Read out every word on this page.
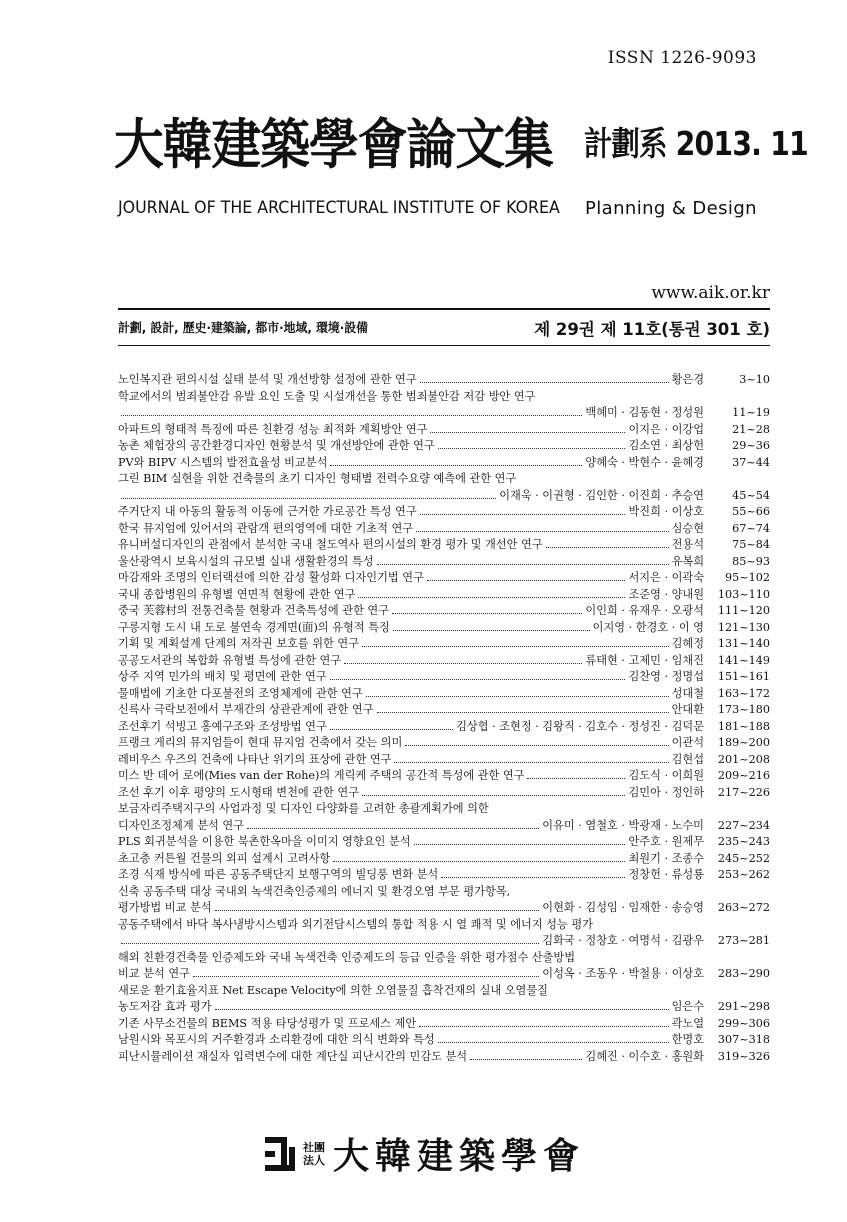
ISSN 1226-9093
大韓建築學會論文集 計劃系 2013. 11
JOURNAL OF THE ARCHITECTURAL INSTITUTE OF KOREA Planning & Design
www.aik.or.kr
計劃, 設計, 歷史·建築論, 都市·地域, 環境·設備	제 29권 제 11호(통권 301 호)
노인복지관 편의시설 실태 분석 및 개선방향 설정에 관한 연구	황은경	3~10
학교에서의 범죄불안감 유발 요인 도출 및 시설개선을 통한 범죄불안감 저감 방안 연구
백혜미 · 김동현 · 정성원	11~19
아파트의 형태적 특징에 따른 친환경 성능 최적화 계획방안 연구	이지은 · 이강업	21~28
농촌 체험장의 공간환경디자인 현황분석 및 개선방안에 관한 연구	김소연 · 최상헌	29~36
PV와 BIPV 시스템의 발전효율성 비교분석	양혜숙 · 박현수 · 윤혜경	37~44
그린 BIM 실현을 위한 건축물의 초기 디자인 형태별 전력수요량 예측에 관한 연구
이재욱 · 이권형 · 김인한 · 이진희 · 추승연	45~54
주거단지 내 아동의 활동적 이동에 근거한 가로공간 특성 연구	박진희 · 이상호	55~66
한국 뮤지엄에 있어서의 관람객 편의영역에 대한 기초적 연구	심승현	67~74
유니버설디자인의 관점에서 분석한 국내 철도역사 편의시설의 환경 평가 및 개선안 연구	전용석	75~84
울산광역시 보육시설의 규모별 실내 생활환경의 특성	유복희	85~93
마감재와 조명의 인터랙션에 의한 감성 활성화 디자인기법 연구	서지은 · 이곽숙	95~102
국내 종합병원의 유형별 연면적 현황에 관한 연구	조준영 · 양내원	103~110
중국 芙蓉村의 전통건축물 현황과 건축특성에 관한 연구	이인희 · 유재우 · 오광석	111~120
구릉지형 도시 내 도로 불연속 경계면(面)의 유형적 특징	이지영 · 한경호 · 이 영	121~130
기획 및 계획설계 단계의 저작권 보호를 위한 연구	김혜정	131~140
공공도서관의 복합화 유형별 특성에 관한 연구	류태현 · 고제민 · 임채진	141~149
상주 지역 민가의 배치 및 평면에 관한 연구	김찬영 · 정명섭	151~161
물매법에 기초한 다포불전의 조영체계에 관한 연구	성대철	163~172
신륵사 극락보전에서 부재간의 상관관계에 관한 연구	안대환	173~180
조선후기 석빙고 홍예구조와 조성방법 연구	김상협 · 조현정 · 김왕직 · 김호수 · 정성진 · 김덕문	181~188
프랭크 게리의 뮤지엄들이 현대 뮤지엄 건축에서 갖는 의미	이관석	189~200
레비우스 우즈의 건축에 나타난 위기의 표상에 관한 연구	김현섭	201~208
미스 반 데어 로에(Mies van der Rohe)의 게릭케 주택의 공간적 특성에 관한 연구	김도식 · 이희원	209~216
조선 후기 이후 평양의 도시형태 변천에 관한 연구	김민아 · 정인하	217~226
보금자리주택지구의 사업과정 및 디자인 다양화를 고려한 총괄계획가에 의한
디자인조정체계 분석 연구	이유미 · 염철호 · 박광재 · 노수미	227~234
PLS 회귀분석을 이용한 북촌한옥마을 이미지 영향요인 분석	안주호 · 원제무	235~243
초고층 커튼월 건물의 외피 설계시 고려사항	최원기 · 조종수	245~252
조경 식재 방식에 따른 공동주택단지 보행구역의 빌딩풍 변화 분석	정창헌 · 류성룡	253~262
신축 공동주택 대상 국내외 녹색건축인증제의 에너지 및 환경오염 부문 평가항목,
평가방법 비교 분석	이현화 · 김성임 · 임재한 · 송승영	263~272
공동주택에서 바닥 복사냉방시스템과 외기전담시스템의 통합 적용 시 열 쾌적 및 에너지 성능 평가
김화국 · 정창호 · 여명석 · 김광우	273~281
해외 친환경건축물 인증제도와 국내 녹색건축 인증제도의 등급 인증을 위한 평가점수 산출방법
비교 분석 연구	이성옥 · 조동우 · 박철용 · 이상호	283~290
새로운 환기효율지표 Net Escape Velocity에 의한 오염물질 흡착건재의 실내 오염물질
농도저감 효과 평가	임은수	291~298
기존 사무소건물의 BEMS 적용 타당성평가 및 프로세스 제안	곽노열	299~306
남원시와 목포시의 거주환경과 소리환경에 대한 의식 변화와 특성	한명호	307~318
피난시뮬레이션 재실자 입력변수에 대한 계단실 피난시간의 민감도 분석	김혜진 · 이수호 · 홍원화	319~326
社團
法人 大韓建築學會
